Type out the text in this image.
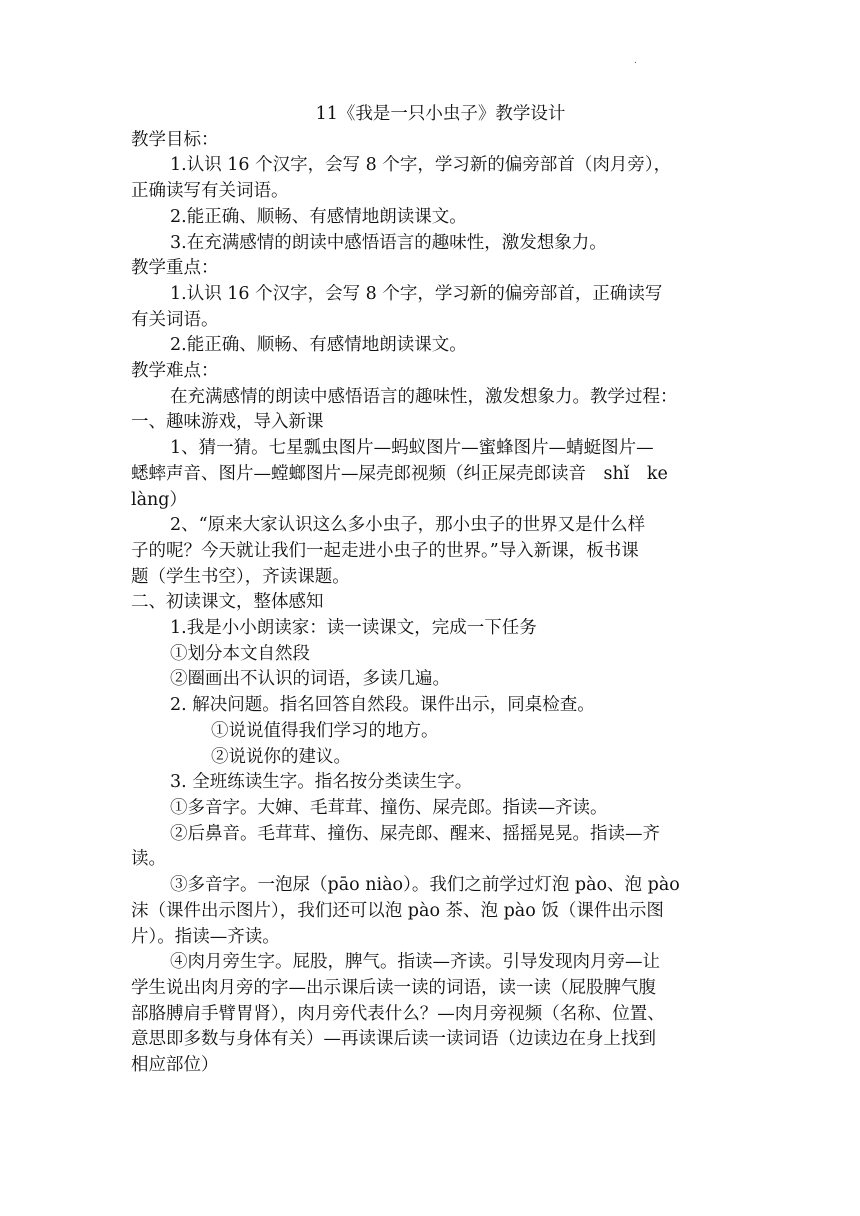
.
11《我是一只小虫子》教学设计
教学目标：
1.认识 16 个汉字，会写 8 个字，学习新的偏旁部首（肉月旁），
正确读写有关词语。
2.能正确、顺畅、有感情地朗读课文。
3.在充满感情的朗读中感悟语言的趣味性，激发想象力。
教学重点：
1.认识 16 个汉字，会写 8 个字，学习新的偏旁部首，正确读写
有关词语。
2.能正确、顺畅、有感情地朗读课文。
教学难点：
在充满感情的朗读中感悟语言的趣味性，激发想象力。教学过程：
一、趣味游戏，导入新课
1、猜一猜。七星瓢虫图片—蚂蚁图片—蜜蜂图片—蜻蜓图片—
蟋蟀声音、图片—螳螂图片—屎壳郎视频（纠正屎壳郎读音　shǐ　ke
làng）
2、“原来大家认识这么多小虫子，那小虫子的世界又是什么样
子的呢？今天就让我们一起走进小虫子的世界。”导入新课，板书课
题（学生书空），齐读课题。
二、初读课文，整体感知
1.我是小小朗读家：读一读课文，完成一下任务
①划分本文自然段
②圈画出不认识的词语，多读几遍。
2. 解决问题。指名回答自然段。课件出示，同桌检查。
①说说值得我们学习的地方。
②说说你的建议。
3. 全班练读生字。指名按分类读生字。
①多音字。大婶、毛茸茸、撞伤、屎壳郎。指读—齐读。
②后鼻音。毛茸茸、撞伤、屎壳郎、醒来、摇摇晃晃。指读—齐
读。
③多音字。一泡尿（pāo niào）。我们之前学过灯泡 pào、泡 pào
沫（课件出示图片），我们还可以泡 pào 茶、泡 pào 饭（课件出示图
片）。指读—齐读。
④肉月旁生字。屁股，脾气。指读—齐读。引导发现肉月旁—让
学生说出肉月旁的字—出示课后读一读的词语，读一读（屁股脾气腹
部胳膊肩手臂胃肾），肉月旁代表什么？—肉月旁视频（名称、位置、
意思即多数与身体有关）—再读课后读一读词语（边读边在身上找到
相应部位）
